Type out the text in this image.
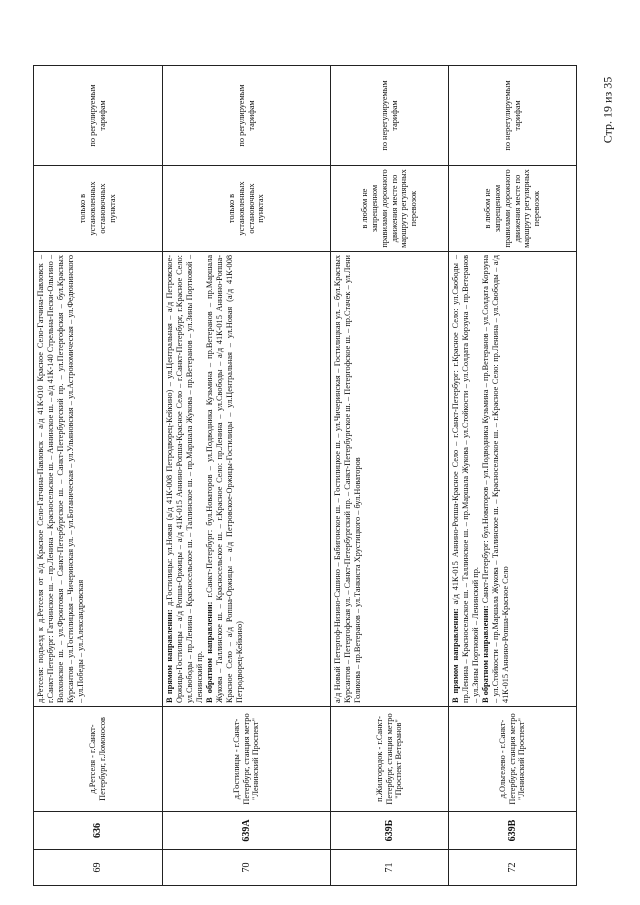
Стр. 19 из 35
69	636	д.Ретселя - г.Санкт-Петербург, г.Ломоносов	д.Ретселя: подъезд к д.Ретселя от а/д Красное Село-Гатчина-Павловск – а/д 41К-010 Красное Село-Гатчина-Павловск – г.Санкт-Петербург: Гатчинское ш. – пр.Ленина – Красносельское ш. – Аннинское ш. – а/д 41К-140 Стрельна-Пески-Ольгино – Волхонское ш. – ул.Фронтовая – Санкт-Петербургское ш. – Санкт-Петербургский пр. – ул.Петергофская – бул.Красных Курсантов – ул.Гостилицкая – Чичеринская ул. – ул.Ботаническая – ул.Ульяновская – ул.Астрономическая – ул.Федюнинского – ул.Победы – ул.Александровская	только в установленных остановочных пунктах	по регулируемым тарифам
70	639А	д.Гостилицы - г.Санкт-Петербург, станция метро "Ленинский Проспект"	В прямом направлении: д.Гостилицы: ул.Новая (а/д 41К-008 Петродворец-Кейкино) – ул.Центральная – а/д Петровское-Оржицы-Гостилицы – а/д Ропша-Оржицы – а/д 41К-015 Аннино-Ропша-Красное Село – г.Санкт-Петербург, г.Красное Село: ул.Свободы – пр.Ленина – Красносельское ш. – Таллинское ш. – пр.Маршала Жукова – пр.Ветеранов – ул.Зины Портновой – Ленинский пр.
В обратном направлении: г.Санкт-Петербург: бул.Новаторов – ул.Подводника Кузьмина – пр.Ветеранов – пр.Маршала Жукова – Таллинское ш. – Красносельское ш. – г.Красное Село: пр.Ленина – ул.Свободы – а/д 41К-015 Аннино-Ропша-Красное Село – а/д Ропша-Оржицы – а/д Петровское-Оржицы-Гостилицы – ул.Центральная – ул.Новая (а/д 41К-008 Петродворец-Кейкино)	только в установленных остановочных пунктах	по регулируемым тарифам
71	639Б	п.Жилгородок - г.Санкт-Петербург, станция метро "Проспект Ветеранов"	а/д Новый Петергоф-Низино-Сашино – Бабигонское ш. – Гостилицкое ш. – ул.Чичеринская – Гостилицкая ул. – бул.Красных Курсантов – Петергофская ул. – Санкт-Петербургский пр. – Санкт-Петербургское ш. – Петергофское ш. – пр.Стачек – ул.Лени Голикова – пр.Ветеранов – ул.Танкиста Хрустицкого – бул.Новаторов	в любом не запрещенном правилами дорожного движения месте по маршруту регулярных перевозок	по нерегулируемым тарифам
72	639В	д.Ольгелево - г.Санкт-Петербург, станция метро "Ленинский Проспект"	В прямом направлении: а/д 41К-015 Аннино-Ропша-Красное Село – г.Санкт-Петербург: г.Красное Село: ул.Свободы – пр.Ленина – Красносельское ш. – Таллинское ш. – пр.Маршала Жукова – ул.Стойкости – ул.Солдата Корзуна – пр.Ветеранов – ул.Зины Портновой – Ленинский пр.
В обратном направлении: Санкт-Петербург: бул.Новаторов – ул.Подводника Кузьмина – пр.Ветеранов – ул.Солдата Корзуна – ул.Стойкости – пр.Маршала Жукова – Таллинское ш. – Красносельское ш. – г.Красное Село: пр.Ленина – ул.Свободы – а/д 41К-015 Аннино-Ропша-Красное Село	в любом не запрещенном правилами дорожного движения месте по маршруту регулярных перевозок	по нерегулируемым тарифам
